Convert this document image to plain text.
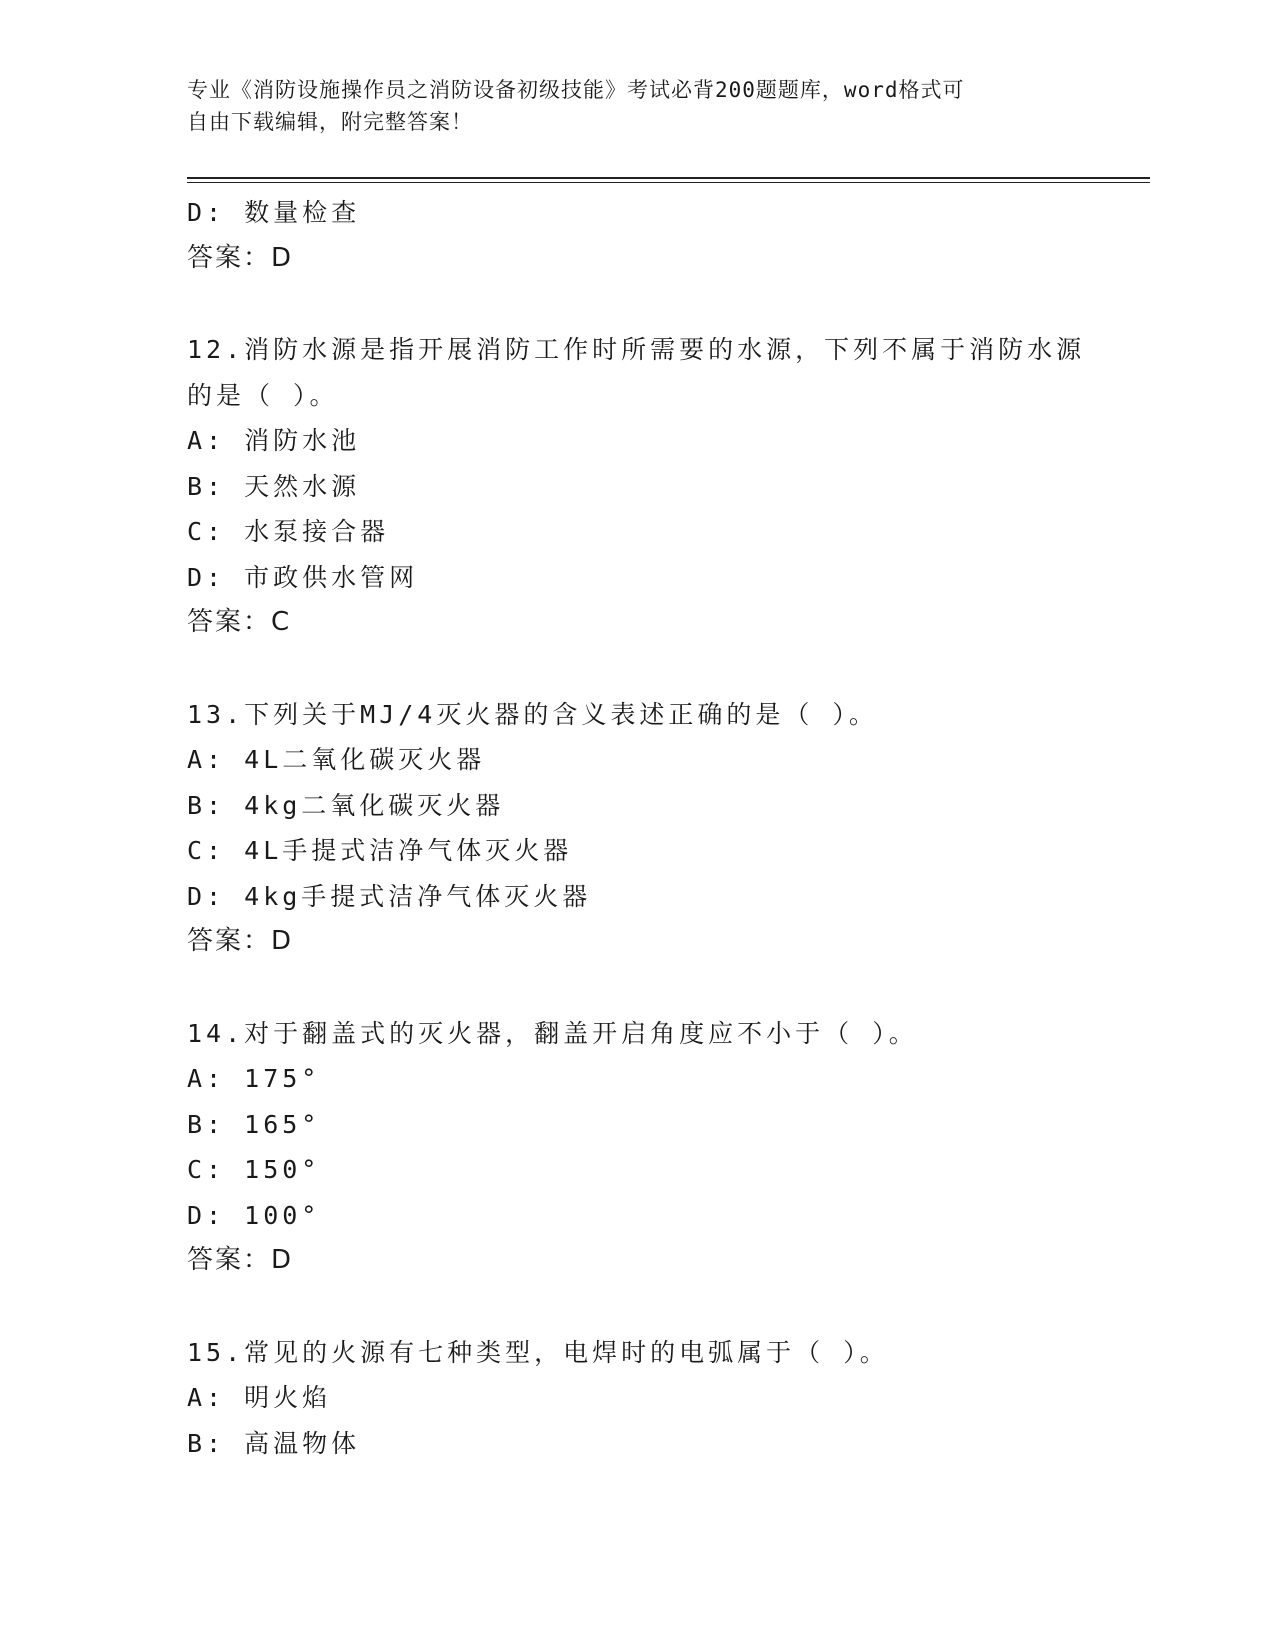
专业《消防设施操作员之消防设备初级技能》考试必背200题题库，word格式可
自由下载编辑，附完整答案！
D: 数量检查
答案：D
12.消防水源是指开展消防工作时所需要的水源，下列不属于消防水源
的是（ ）。
A: 消防水池
B: 天然水源
C: 水泵接合器
D: 市政供水管网
答案：C
13.下列关于MJ/4灭火器的含义表述正确的是（ ）。
A: 4L二氧化碳灭火器
B: 4kg二氧化碳灭火器
C: 4L手提式洁净气体灭火器
D: 4kg手提式洁净气体灭火器
答案：D
14.对于翻盖式的灭火器，翻盖开启角度应不小于（ ）。
A: 175°
B: 165°
C: 150°
D: 100°
答案：D
15.常见的火源有七种类型，电焊时的电弧属于（ ）。
A: 明火焰
B: 高温物体
